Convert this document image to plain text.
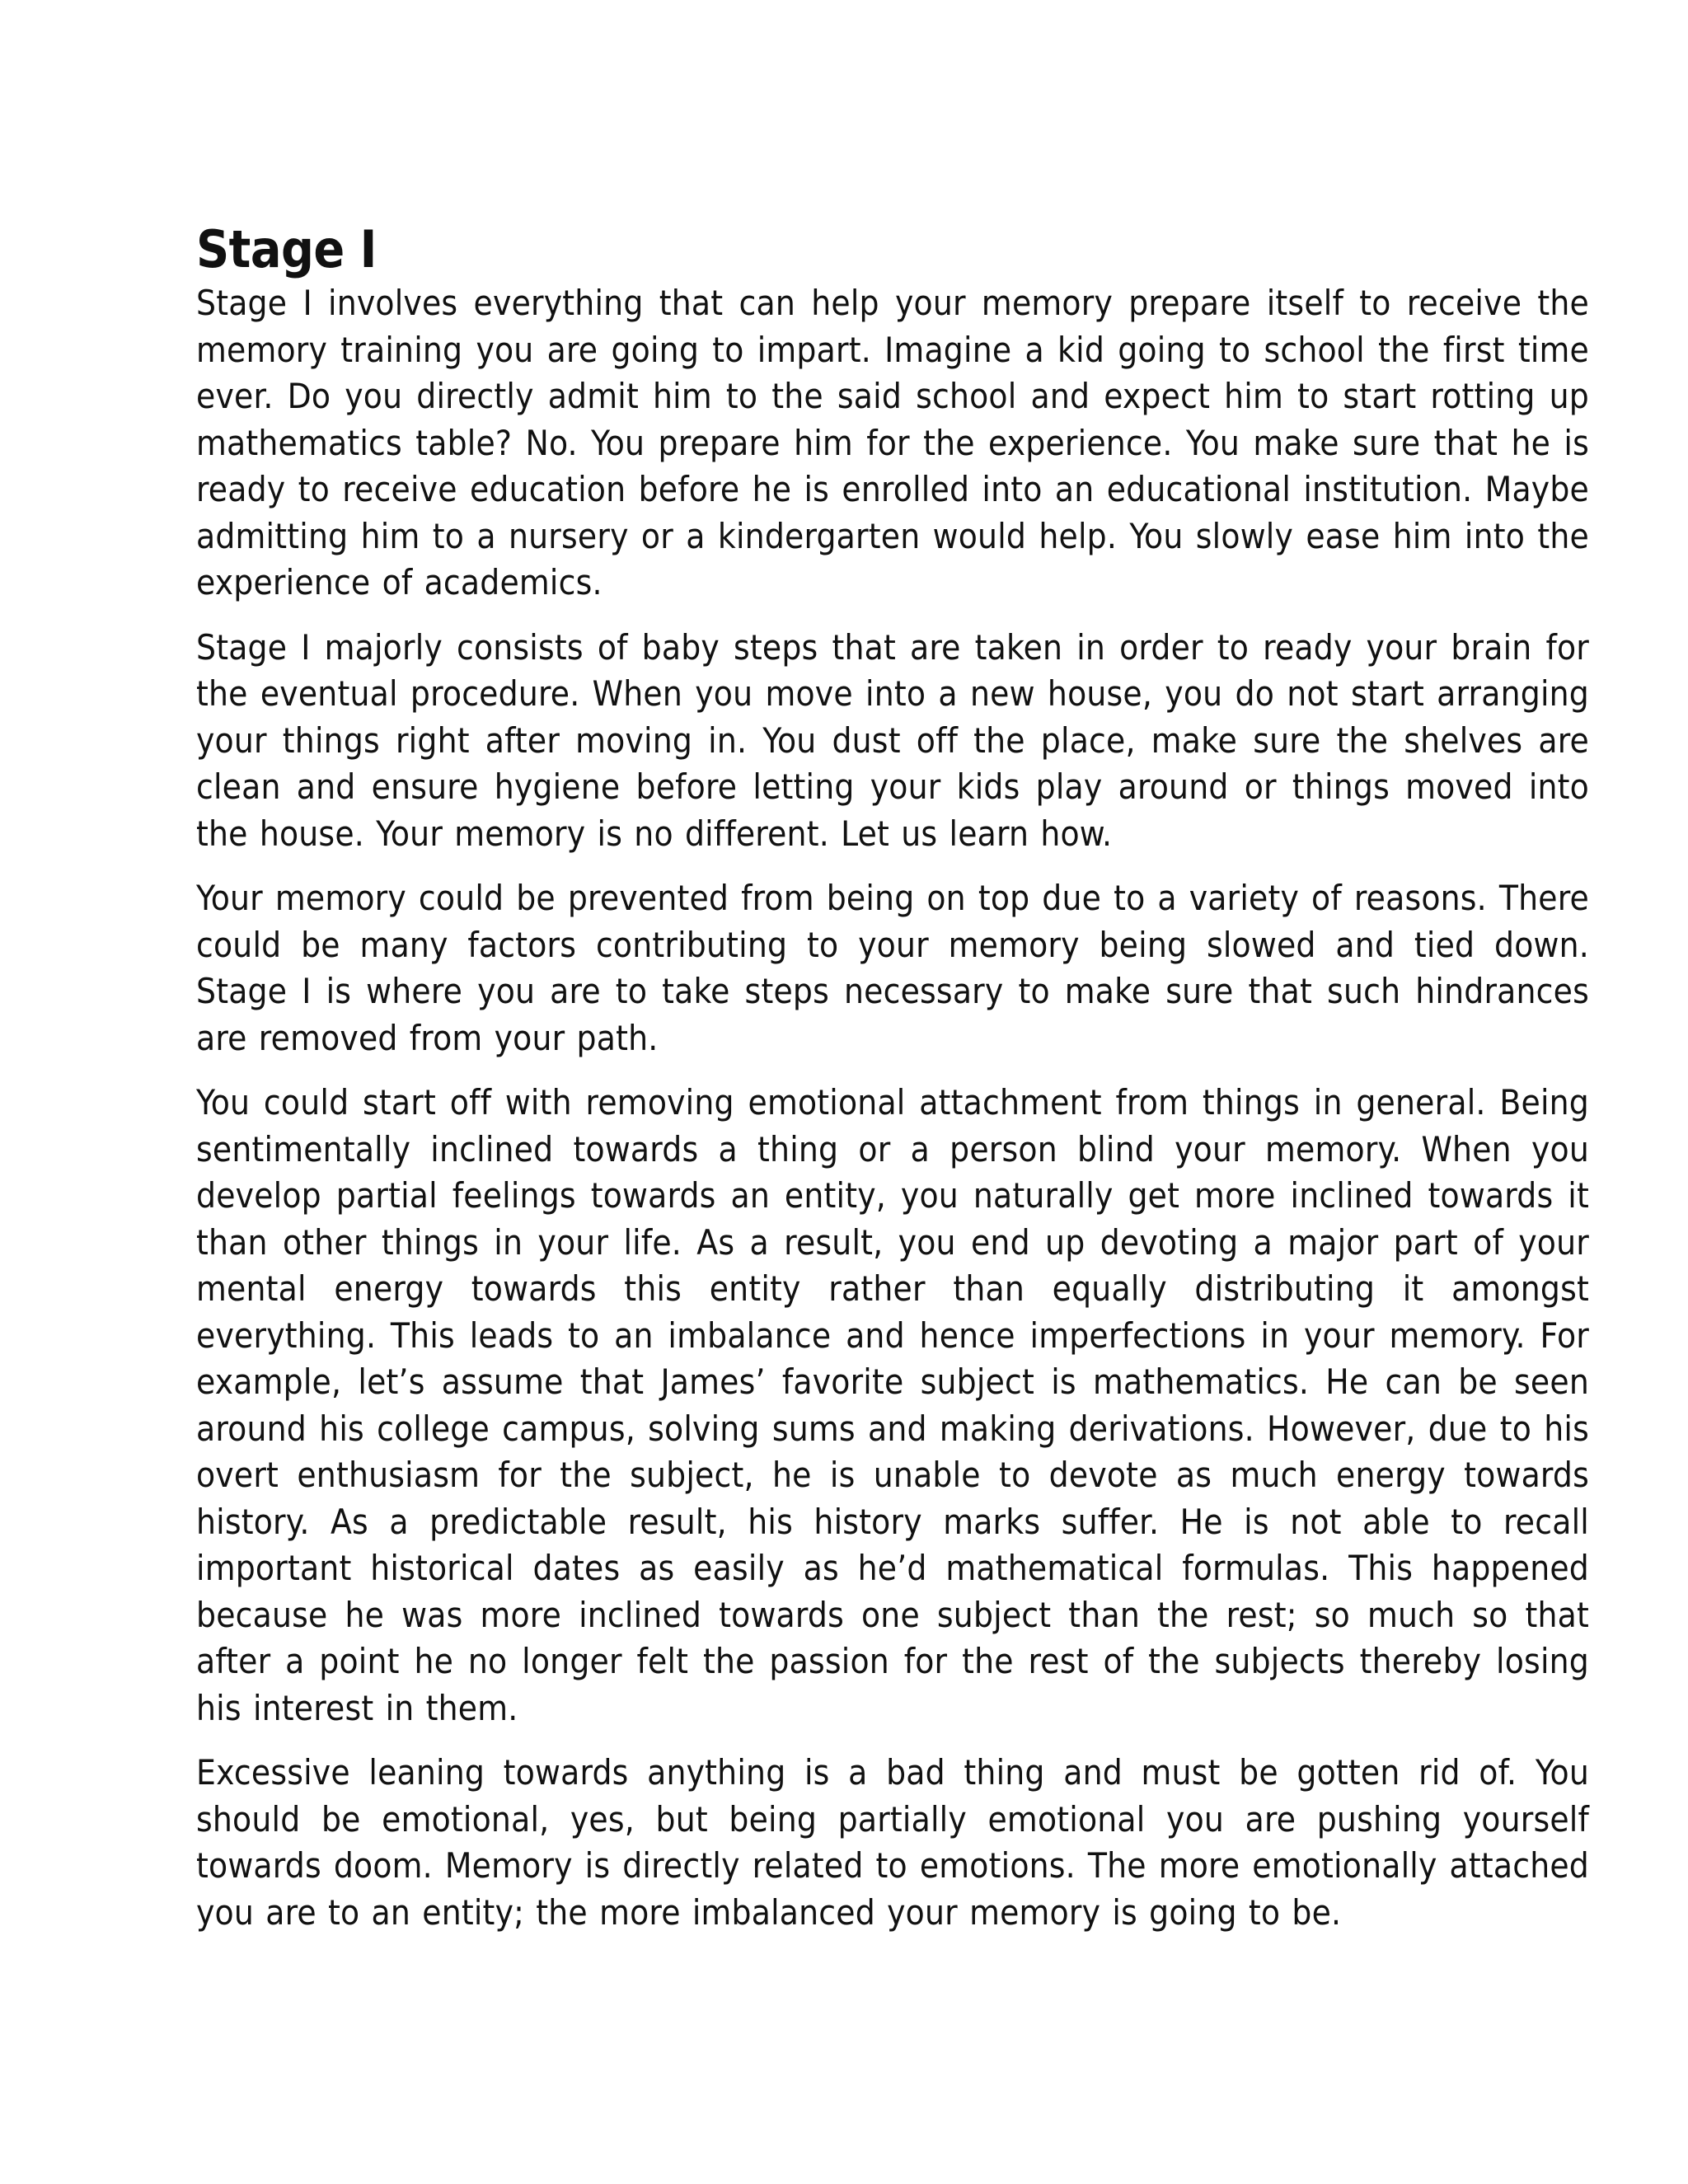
Stage I

Stage I involves everything that can help your memory prepare itself to receive the memory training you are going to impart. Imagine a kid going to school the first time ever. Do you directly admit him to the said school and expect him to start rotting up mathematics table? No. You prepare him for the experience. You make sure that he is ready to receive education before he is enrolled into an educational institution. Maybe admitting him to a nursery or a kindergarten would help. You slowly ease him into the experience of academics.

Stage I majorly consists of baby steps that are taken in order to ready your brain for the eventual procedure. When you move into a new house, you do not start arranging your things right after moving in. You dust off the place, make sure the shelves are clean and ensure hygiene before letting your kids play around or things moved into the house. Your memory is no different. Let us learn how.

Your memory could be prevented from being on top due to a variety of reasons. There could be many factors contributing to your memory being slowed and tied down. Stage I is where you are to take steps necessary to make sure that such hindrances are removed from your path.

You could start off with removing emotional attachment from things in general. Being sentimentally inclined towards a thing or a person blind your memory. When you develop partial feelings towards an entity, you naturally get more inclined towards it than other things in your life. As a result, you end up devoting a major part of your mental energy towards this entity rather than equally distributing it amongst everything. This leads to an imbalance and hence imperfections in your memory. For example, let’s assume that James’ favorite subject is mathematics. He can be seen around his college campus, solving sums and making derivations. However, due to his overt enthusiasm for the subject, he is unable to devote as much energy towards history. As a predictable result, his history marks suffer. He is not able to recall important historical dates as easily as he’d mathematical formulas. This happened because he was more inclined towards one subject than the rest; so much so that after a point he no longer felt the passion for the rest of the subjects thereby losing his interest in them.

Excessive leaning towards anything is a bad thing and must be gotten rid of. You should be emotional, yes, but being partially emotional you are pushing yourself towards doom. Memory is directly related to emotions. The more emotionally attached you are to an entity; the more imbalanced your memory is going to be.
